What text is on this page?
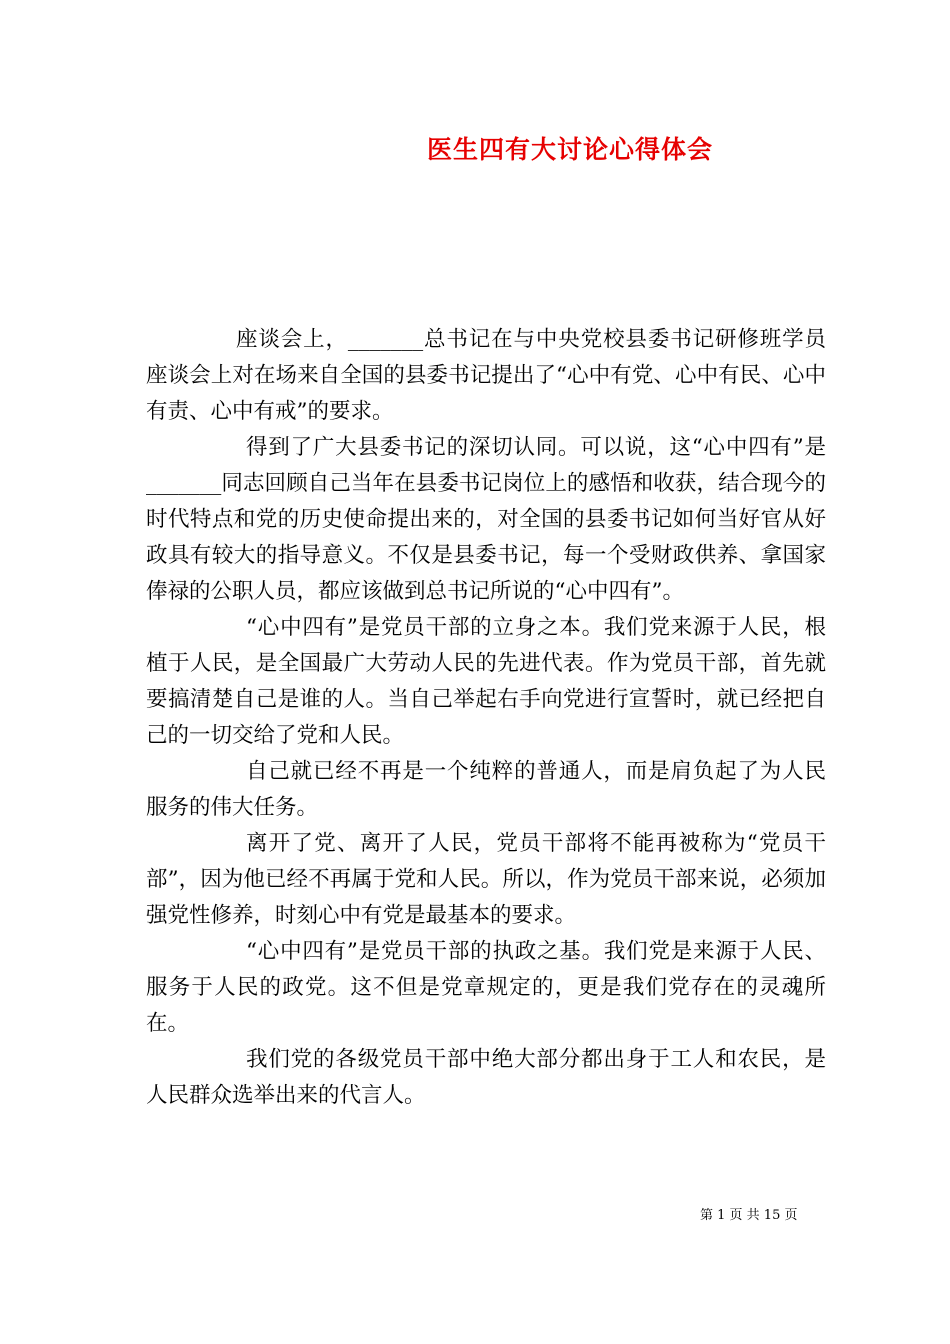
医生四有大讨论心得体会

座谈会上，_______总书记在与中央党校县委书记研修班学员座谈会上对在场来自全国的县委书记提出了“心中有党、心中有民、心中有责、心中有戒”的要求。

得到了广大县委书记的深切认同。可以说，这“心中四有”是_______同志回顾自己当年在县委书记岗位上的感悟和收获，结合现今的时代特点和党的历史使命提出来的，对全国的县委书记如何当好官从好政具有较大的指导意义。不仅是县委书记，每一个受财政供养、拿国家俸禄的公职人员，都应该做到总书记所说的“心中四有”。

“心中四有”是党员干部的立身之本。我们党来源于人民，根植于人民，是全国最广大劳动人民的先进代表。作为党员干部，首先就要搞清楚自己是谁的人。当自己举起右手向党进行宣誓时，就已经把自己的一切交给了党和人民。

自己就已经不再是一个纯粹的普通人，而是肩负起了为人民服务的伟大任务。

离开了党、离开了人民，党员干部将不能再被称为“党员干部”，因为他已经不再属于党和人民。所以，作为党员干部来说，必须加强党性修养，时刻心中有党是最基本的要求。

“心中四有”是党员干部的执政之基。我们党是来源于人民、服务于人民的政党。这不但是党章规定的，更是我们党存在的灵魂所在。

我们党的各级党员干部中绝大部分都出身于工人和农民，是人民群众选举出来的代言人。

第 1 页 共 15 页
